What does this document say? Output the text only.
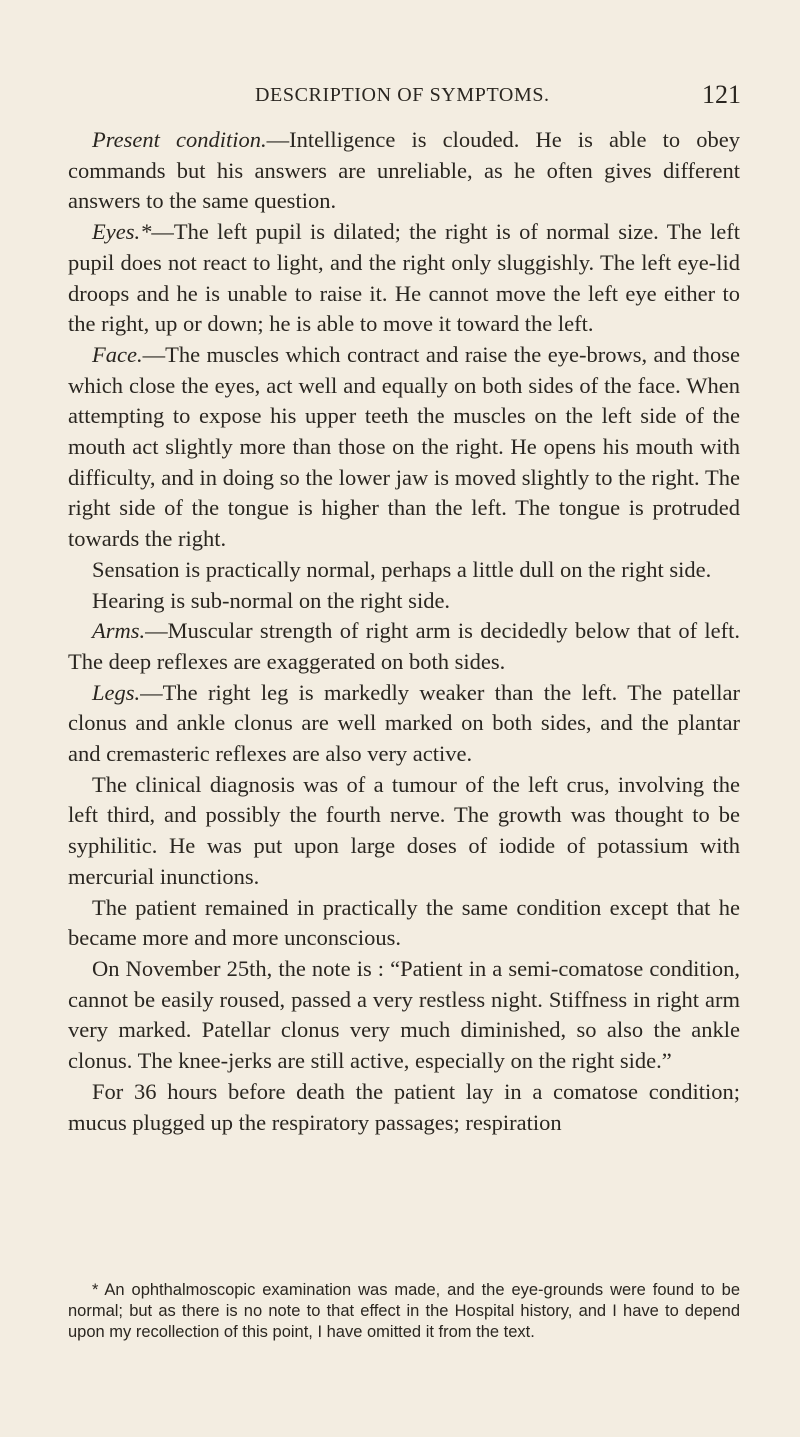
DESCRIPTION OF SYMPTOMS.	121

Present condition.—Intelligence is clouded. He is able to obey commands but his answers are unreliable, as he often gives different answers to the same question.

Eyes.*—The left pupil is dilated; the right is of normal size. The left pupil does not react to light, and the right only sluggishly. The left eye-lid droops and he is unable to raise it. He cannot move the left eye either to the right, up or down; he is able to move it toward the left.

Face.—The muscles which contract and raise the eye-brows, and those which close the eyes, act well and equally on both sides of the face. When attempting to expose his upper teeth the muscles on the left side of the mouth act slightly more than those on the right. He opens his mouth with difficulty, and in doing so the lower jaw is moved slightly to the right. The right side of the tongue is higher than the left. The tongue is protruded towards the right.

Sensation is practically normal, perhaps a little dull on the right side.

Hearing is sub-normal on the right side.

Arms.—Muscular strength of right arm is decidedly below that of left. The deep reflexes are exaggerated on both sides.

Legs.—The right leg is markedly weaker than the left. The patellar clonus and ankle clonus are well marked on both sides, and the plantar and cremasteric reflexes are also very active.

The clinical diagnosis was of a tumour of the left crus, involving the left third, and possibly the fourth nerve. The growth was thought to be syphilitic. He was put upon large doses of iodide of potassium with mercurial inunctions.

The patient remained in practically the same condition except that he became more and more unconscious.

On November 25th, the note is : “Patient in a semi-comatose condition, cannot be easily roused, passed a very restless night. Stiffness in right arm very marked. Patellar clonus very much diminished, so also the ankle clonus. The knee-jerks are still active, especially on the right side.”

For 36 hours before death the patient lay in a comatose condition; mucus plugged up the respiratory passages; respiration

* An ophthalmoscopic examination was made, and the eye-grounds were found to be normal; but as there is no note to that effect in the Hospital history, and I have to depend upon my recollection of this point, I have omitted it from the text.
